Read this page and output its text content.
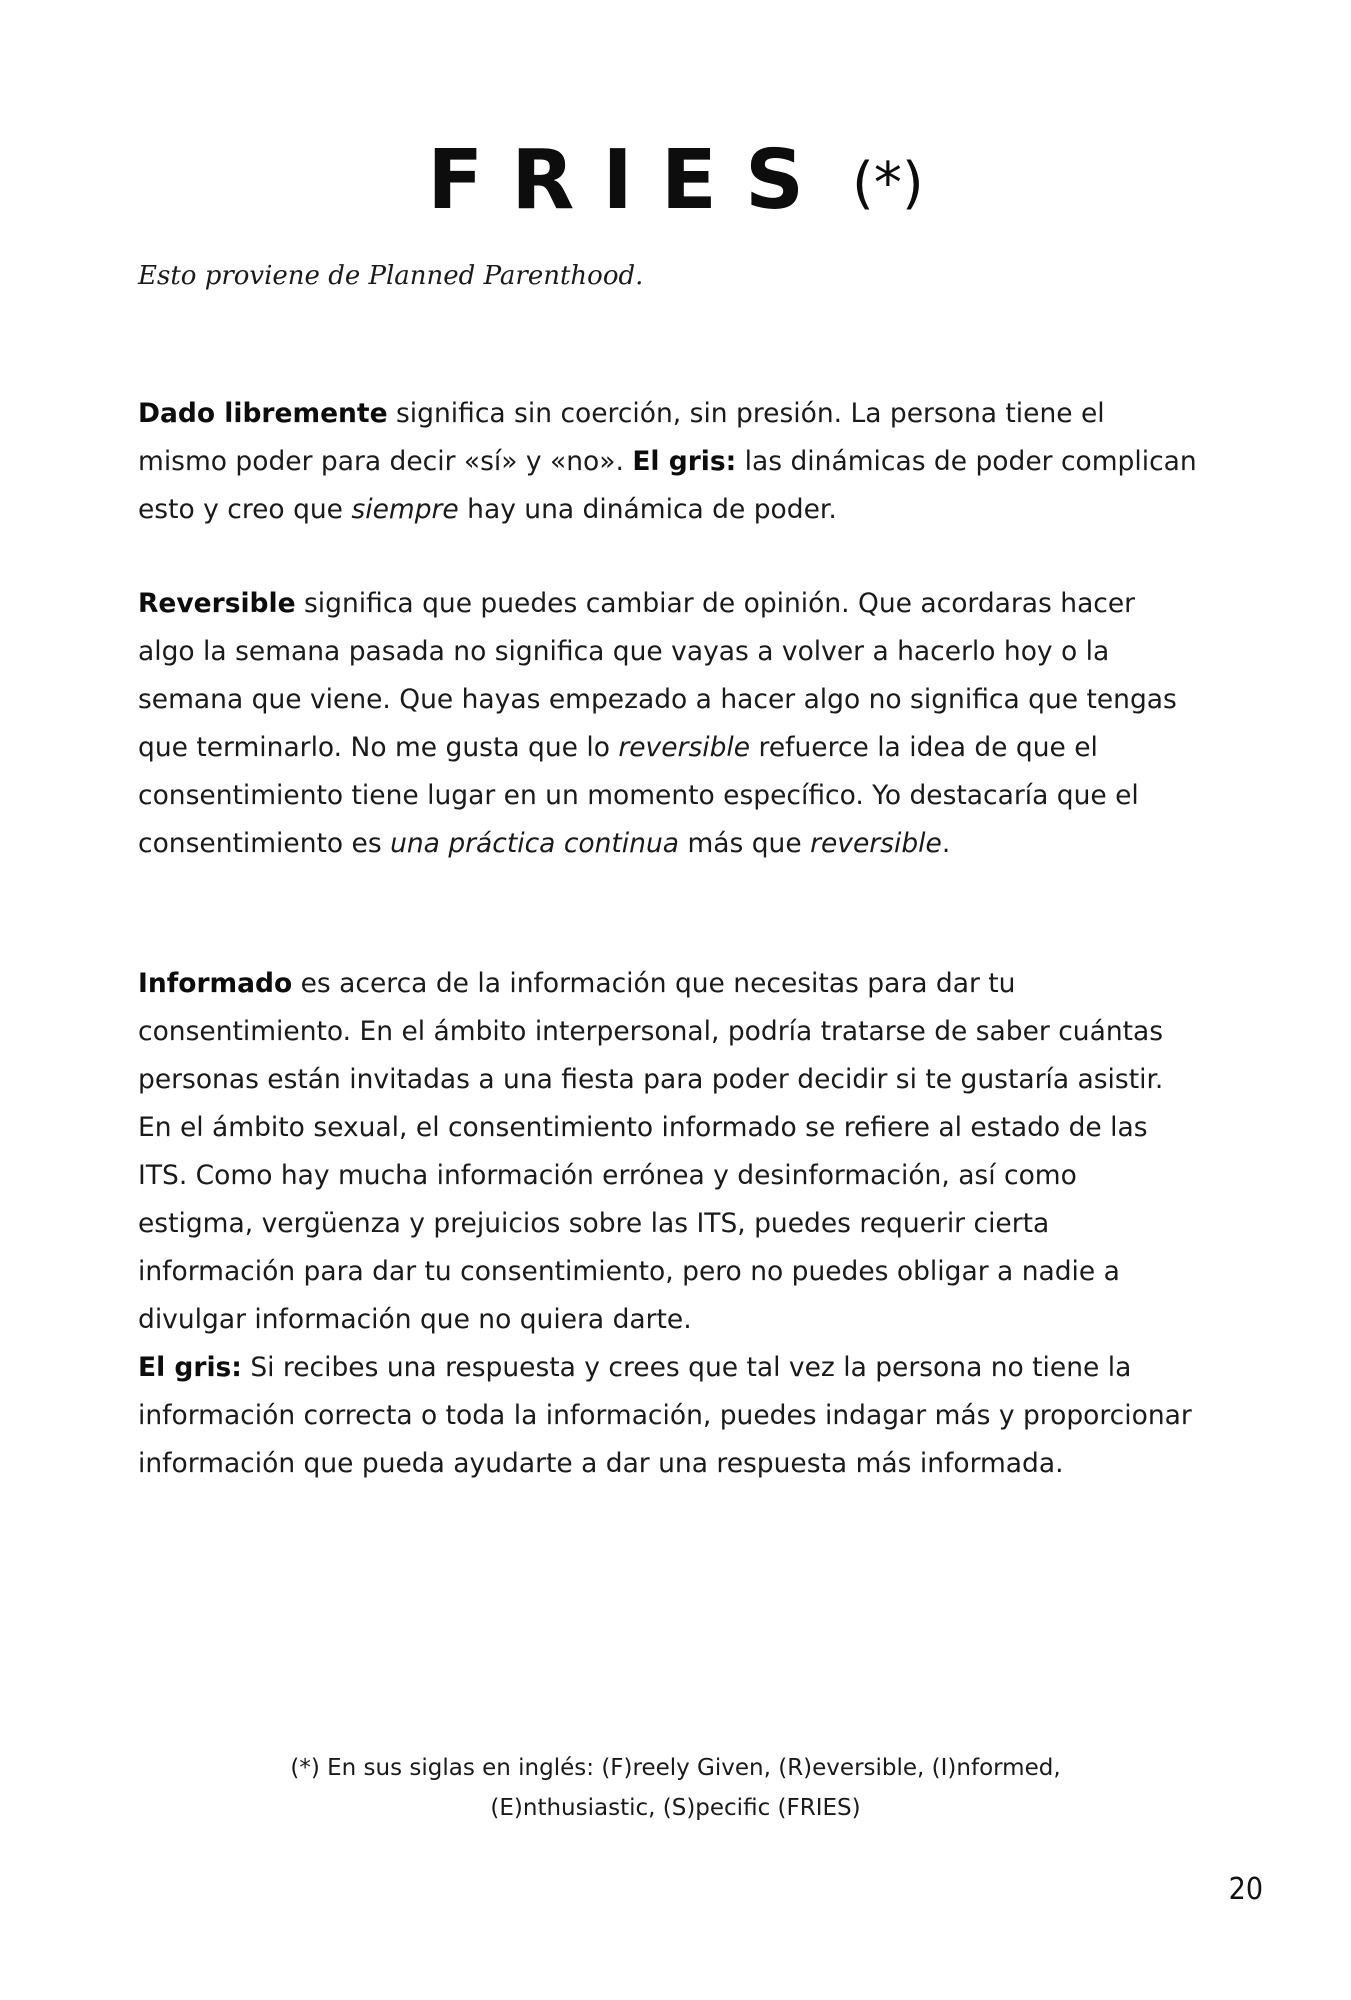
FRIES (*)

Esto proviene de Planned Parenthood.

Dado libremente significa sin coerción, sin presión. La persona tiene el mismo poder para decir «sí» y «no». El gris: las dinámicas de poder complican esto y creo que siempre hay una dinámica de poder.

Reversible significa que puedes cambiar de opinión. Que acordaras hacer algo la semana pasada no significa que vayas a volver a hacerlo hoy o la semana que viene. Que hayas empezado a hacer algo no significa que tengas que terminarlo. No me gusta que lo reversible refuerce la idea de que el consentimiento tiene lugar en un momento específico. Yo destacaría que el consentimiento es una práctica continua más que reversible.

Informado es acerca de la información que necesitas para dar tu consentimiento. En el ámbito interpersonal, podría tratarse de saber cuántas personas están invitadas a una fiesta para poder decidir si te gustaría asistir. En el ámbito sexual, el consentimiento informado se refiere al estado de las ITS. Como hay mucha información errónea y desinformación, así como estigma, vergüenza y prejuicios sobre las ITS, puedes requerir cierta información para dar tu consentimiento, pero no puedes obligar a nadie a divulgar información que no quiera darte.
El gris: Si recibes una respuesta y crees que tal vez la persona no tiene la información correcta o toda la información, puedes indagar más y proporcionar información que pueda ayudarte a dar una respuesta más informada.

(*) En sus siglas en inglés: (F)reely Given, (R)eversible, (I)nformed,
(E)nthusiastic, (S)pecific (FRIES)

20
